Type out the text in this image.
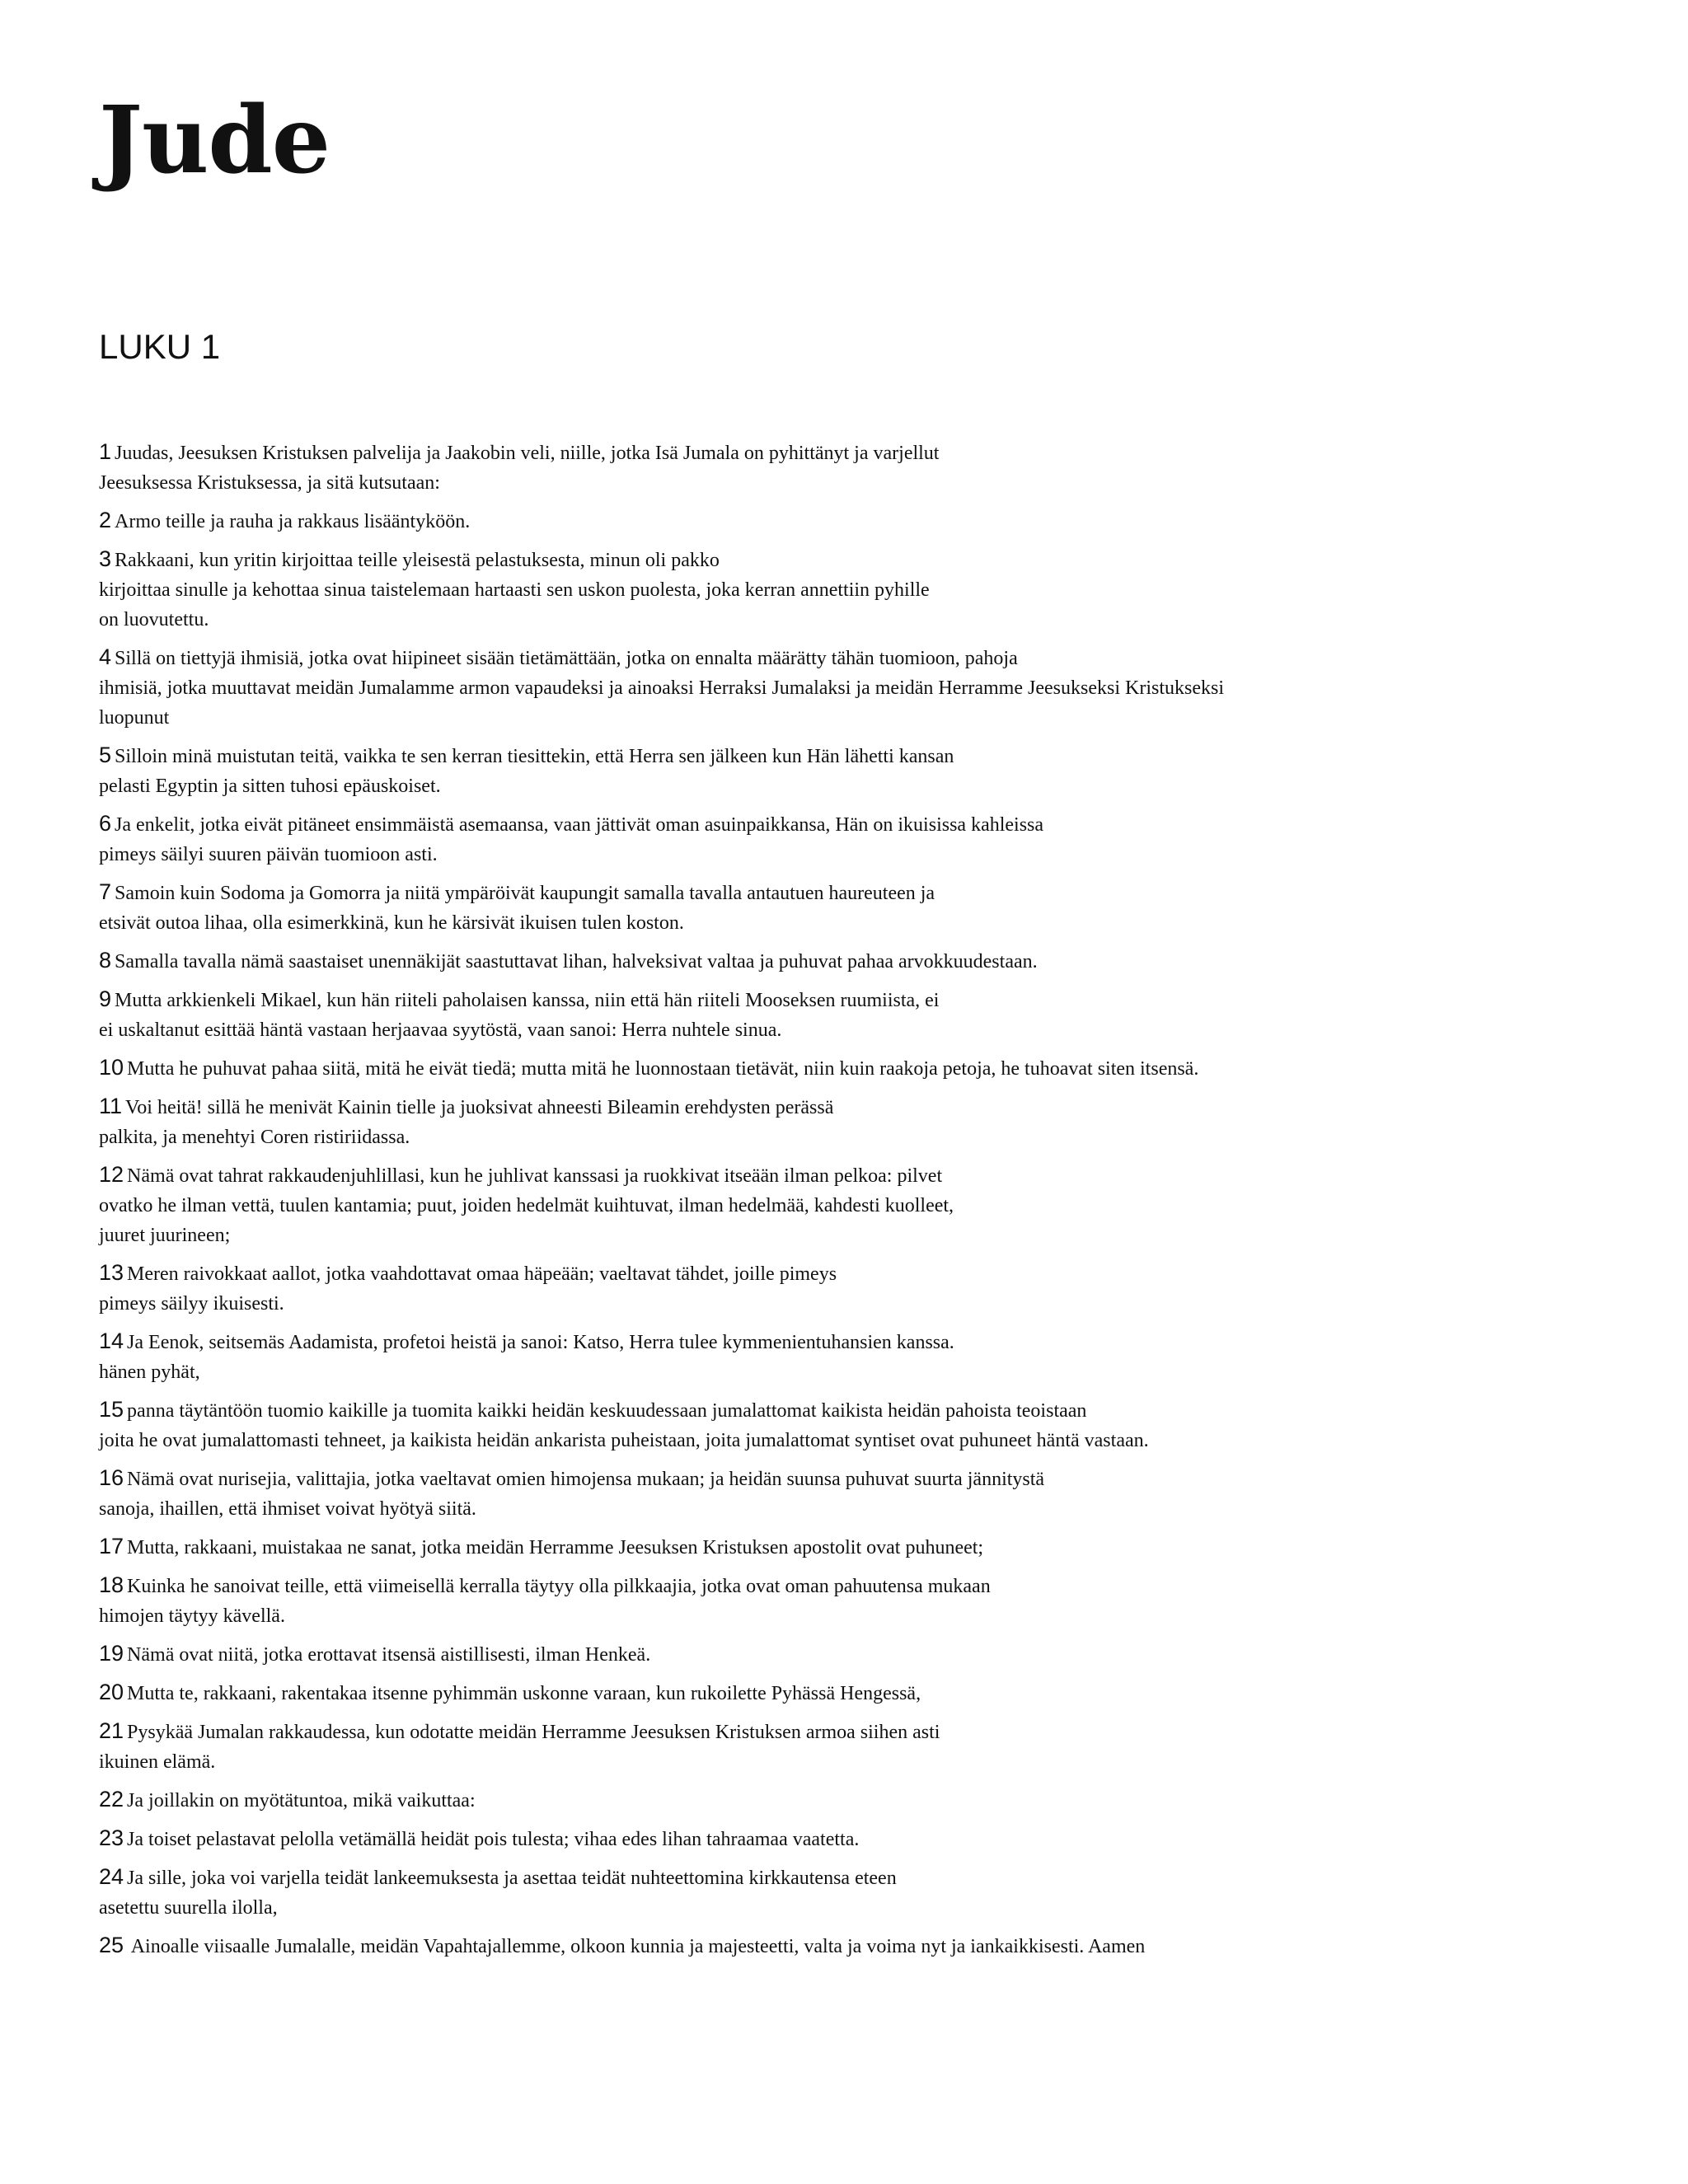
Jude
LUKU 1

1 Juudas, Jeesuksen Kristuksen palvelija ja Jaakobin veli, niille, jotka Isä Jumala on pyhittänyt ja varjellut
Jeesuksessa Kristuksessa, ja sitä kutsutaan:

2 Armo teille ja rauha ja rakkaus lisääntyköön.

3 Rakkaani, kun yritin kirjoittaa teille yleisestä pelastuksesta, minun oli pakko
kirjoittaa sinulle ja kehottaa sinua taistelemaan hartaasti sen uskon puolesta, joka kerran annettiin pyhille
on luovutettu.

4 Sillä on tiettyjä ihmisiä, jotka ovat hiipineet sisään tietämättään, jotka on ennalta määrätty tähän tuomioon, pahoja
ihmisiä, jotka muuttavat meidän Jumalamme armon vapaudeksi ja ainoaksi Herraksi Jumalaksi ja meidän Herramme Jeesukseksi Kristukseksi
luopunut

5 Silloin minä muistutan teitä, vaikka te sen kerran tiesittekin, että Herra sen jälkeen kun Hän lähetti kansan
pelasti Egyptin ja sitten tuhosi epäuskoiset.

6 Ja enkelit, jotka eivät pitäneet ensimmäistä asemaansa, vaan jättivät oman asuinpaikkansa, Hän on ikuisissa kahleissa
pimeys säilyi suuren päivän tuomioon asti.

7 Samoin kuin Sodoma ja Gomorra ja niitä ympäröivät kaupungit samalla tavalla antautuen haureuteen ja
etsivät outoa lihaa, olla esimerkkinä, kun he kärsivät ikuisen tulen koston.

8 Samalla tavalla nämä saastaiset unennäkijät saastuttavat lihan, halveksivat valtaa ja puhuvat pahaa arvokkuudestaan.

9 Mutta arkkienkeli Mikael, kun hän riiteli paholaisen kanssa, niin että hän riiteli Mooseksen ruumiista, ei
ei uskaltanut esittää häntä vastaan herjaavaa syytöstä, vaan sanoi: Herra nuhtele sinua.

10 Mutta he puhuvat pahaa siitä, mitä he eivät tiedä; mutta mitä he luonnostaan tietävät, niin kuin raakoja petoja, he tuhoavat siten itsensä.

11 Voi heitä! sillä he menivät Kainin tielle ja juoksivat ahneesti Bileamin erehdysten perässä
palkita, ja menehtyi Coren ristiriidassa.

12 Nämä ovat tahrat rakkaudenjuhlillasi, kun he juhlivat kanssasi ja ruokkivat itseään ilman pelkoa: pilvet
ovatko he ilman vettä, tuulen kantamia; puut, joiden hedelmät kuihtuvat, ilman hedelmää, kahdesti kuolleet,
juuret juurineen;

13 Meren raivokkaat aallot, jotka vaahdottavat omaa häpeään; vaeltavat tähdet, joille pimeys
pimeys säilyy ikuisesti.

14 Ja Eenok, seitsemäs Aadamista, profetoi heistä ja sanoi: Katso, Herra tulee kymmenientuhansien kanssa.
hänen pyhät,

15 panna täytäntöön tuomio kaikille ja tuomita kaikki heidän keskuudessaan jumalattomat kaikista heidän pahoista teoistaan
joita he ovat jumalattomasti tehneet, ja kaikista heidän ankarista puheistaan, joita jumalattomat syntiset ovat puhuneet häntä vastaan.

16 Nämä ovat nurisejia, valittajia, jotka vaeltavat omien himojensa mukaan; ja heidän suunsa puhuvat suurta jännitystä
sanoja, ihaillen, että ihmiset voivat hyötyä siitä.

17 Mutta, rakkaani, muistakaa ne sanat, jotka meidän Herramme Jeesuksen Kristuksen apostolit ovat puhuneet;

18 Kuinka he sanoivat teille, että viimeisellä kerralla täytyy olla pilkkaajia, jotka ovat oman pahuutensa mukaan
himojen täytyy kävellä.

19 Nämä ovat niitä, jotka erottavat itsensä aistillisesti, ilman Henkeä.

20 Mutta te, rakkaani, rakentakaa itsenne pyhimmän uskonne varaan, kun rukoilette Pyhässä Hengessä,

21 Pysykää Jumalan rakkaudessa, kun odotatte meidän Herramme Jeesuksen Kristuksen armoa siihen asti
ikuinen elämä.

22 Ja joillakin on myötätuntoa, mikä vaikuttaa:

23 Ja toiset pelastavat pelolla vetämällä heidät pois tulesta; vihaa edes lihan tahraamaa vaatetta.

24 Ja sille, joka voi varjella teidät lankeemuksesta ja asettaa teidät nuhteettomina kirkkautensa eteen
asetettu suurella ilolla,

25 Ainoalle viisaalle Jumalalle, meidän Vapahtajallemme, olkoon kunnia ja majesteetti, valta ja voima nyt ja iankaikkisesti. Aamen
